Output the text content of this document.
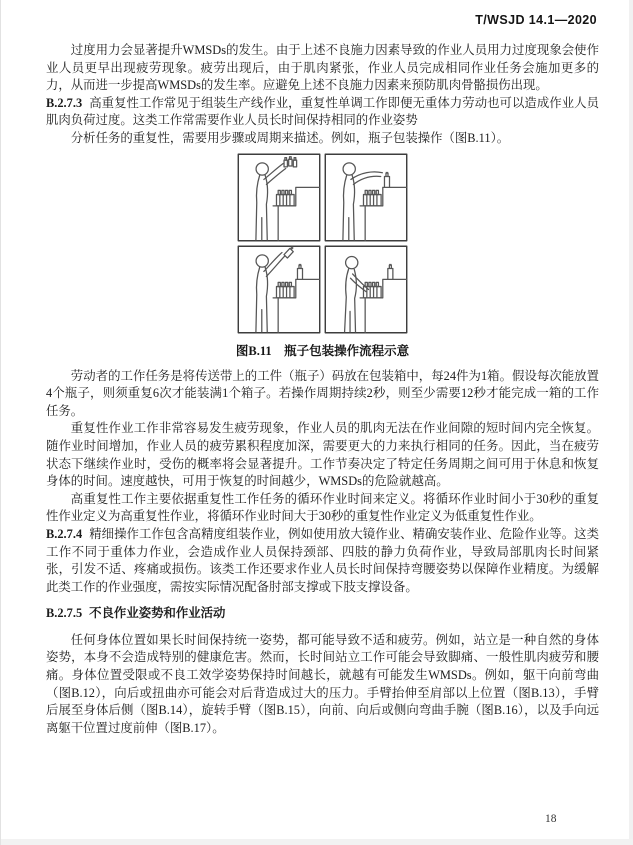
T/WSJD 14.1—2020

过度用力会显著提升WMSDs的发生。由于上述不良施力因素导致的作业人员用力过度现象会使作业人员更早出现疲劳现象。疲劳出现后，由于肌肉紧张，作业人员完成相同作业任务会施加更多的力，从而进一步提高WMSDs的发生率。应避免上述不良施力因素来预防肌肉骨骼损伤出现。

B.2.7.3 高重复性工作常见于组装生产线作业，重复性单调工作即便无重体力劳动也可以造成作业人员肌肉负荷过度。这类工作常需要作业人员长时间保持相同的作业姿势

分析任务的重复性，需要用步骤或周期来描述。例如，瓶子包装操作（图B.11）。

图B.11　瓶子包装操作流程示意

劳动者的工作任务是将传送带上的工件（瓶子）码放在包装箱中，每24件为1箱。假设每次能放置4个瓶子，则须重复6次才能装满1个箱子。若操作周期持续2秒，则至少需要12秒才能完成一箱的工作任务。

重复性作业工作非常容易发生疲劳现象，作业人员的肌肉无法在作业间隙的短时间内完全恢复。随作业时间增加，作业人员的疲劳累积程度加深，需要更大的力来执行相同的任务。因此，当在疲劳状态下继续作业时，受伤的概率将会显著提升。工作节奏决定了特定任务周期之间可用于休息和恢复身体的时间。速度越快，可用于恢复的时间越少，WMSDs的危险就越高。

高重复性工作主要依据重复性工作任务的循环作业时间来定义。将循环作业时间小于30秒的重复性作业定义为高重复性作业，将循环作业时间大于30秒的重复性作业定义为低重复性作业。

B.2.7.4 精细操作工作包含高精度组装作业，例如使用放大镜作业、精确安装作业、危险作业等。这类工作不同于重体力作业，会造成作业人员保持颈部、四肢的静力负荷作业，导致局部肌肉长时间紧张，引发不适、疼痛或损伤。该类工作还要求作业人员长时间保持弯腰姿势以保障作业精度。为缓解此类工作的作业强度，需按实际情况配备肘部支撑或下肢支撑设备。

B.2.7.5 不良作业姿势和作业活动

任何身体位置如果长时间保持统一姿势，都可能导致不适和疲劳。例如，站立是一种自然的身体姿势，本身不会造成特别的健康危害。然而，长时间站立工作可能会导致脚痛、一般性肌肉疲劳和腰痛。身体位置受限或不良工效学姿势保持时间越长，就越有可能发生WMSDs。例如，躯干向前弯曲（图B.12），向后或扭曲亦可能会对后背造成过大的压力。手臂抬伸至肩部以上位置（图B.13），手臂后展至身体后侧（图B.14），旋转手臂（图B.15），向前、向后或侧向弯曲手腕（图B.16），以及手向远离躯干位置过度前伸（图B.17）。

18
